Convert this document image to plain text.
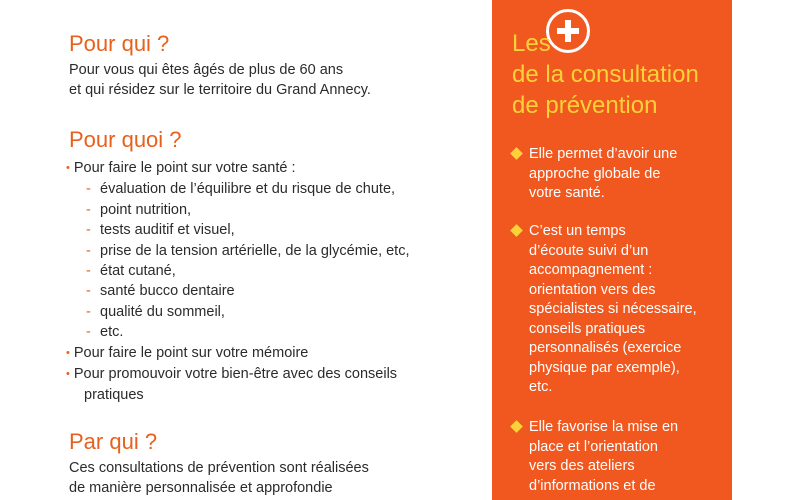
Pour qui ?
Pour vous qui êtes âgés de plus de 60 ans
et qui résidez sur le territoire du Grand Annecy.
Pour quoi ?
• Pour faire le point sur votre santé :
- évaluation de l’équilibre et du risque de chute,
- point nutrition,
- tests auditif et visuel,
- prise de la tension artérielle, de la glycémie, etc,
- état cutané,
- santé bucco dentaire
- qualité du sommeil,
- etc.
• Pour faire le point sur votre mémoire
• Pour promouvoir votre bien-être avec des conseils
pratiques
Par qui ?
Ces consultations de prévention sont réalisées
de manière personnalisée et approfondie
Les
de la consultation
de prévention
Elle permet d’avoir une
approche globale de
votre santé.
C’est un temps
d’écoute suivi d’un
accompagnement :
orientation vers des
spécialistes si nécessaire,
conseils pratiques
personnalisés (exercice
physique par exemple),
etc.
Elle favorise la mise en
place et l’orientation
vers des ateliers
d’informations et de
